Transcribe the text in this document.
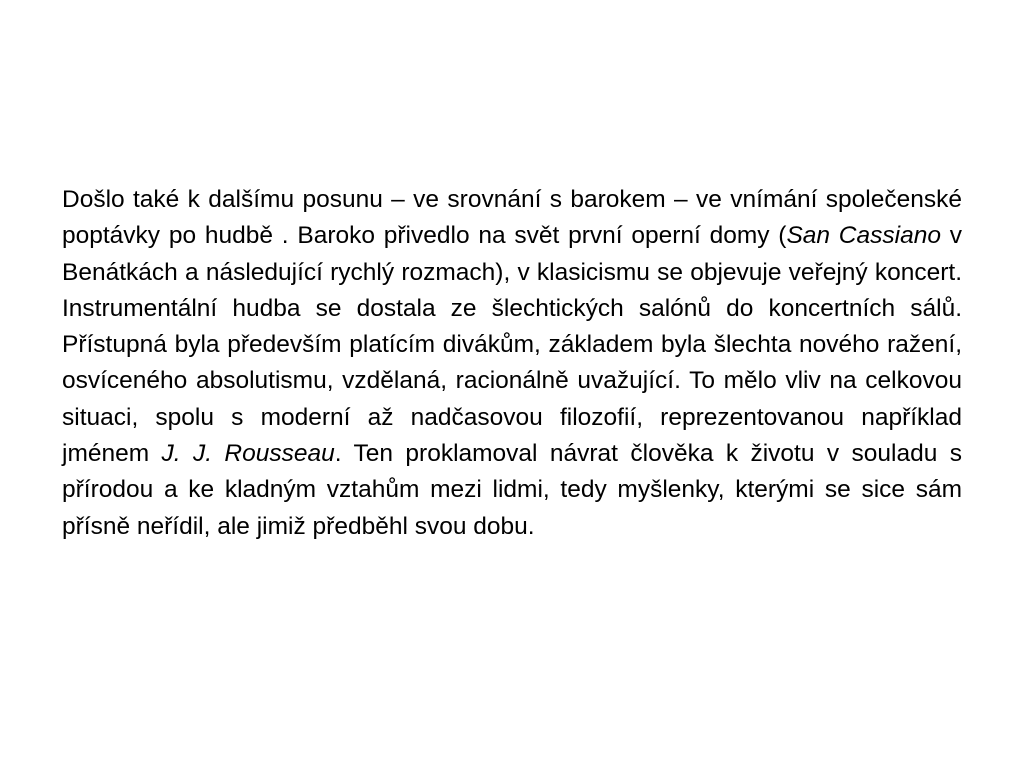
Došlo také k dalšímu posunu – ve srovnání s barokem – ve vnímání společenské poptávky po hudbě . Baroko přivedlo na svět první operní domy (San Cassiano v Benátkách a následující rychlý rozmach), v klasicismu se objevuje veřejný koncert. Instrumentální hudba se dostala ze šlechtických salónů do koncertních sálů. Přístupná byla především platícím divákům, základem byla šlechta nového ražení, osvíceného absolutismu, vzdělaná, racionálně uvažující. To mělo vliv na celkovou situaci, spolu s moderní až nadčasovou filozofií, reprezentovanou například jménem J. J. Rousseau. Ten proklamoval návrat člověka k životu v souladu s přírodou a ke kladným vztahům mezi lidmi, tedy myšlenky, kterými se sice sám přísně neřídil, ale jimiž předběhl svou dobu.
